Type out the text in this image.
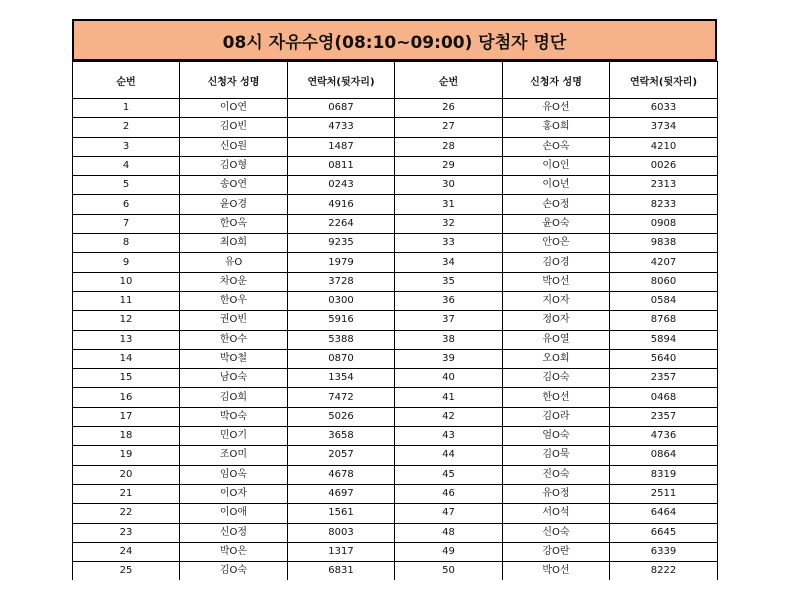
08시 자유수영(08:10~09:00) 당첨자 명단
순번	신청자 성명	연락처(뒷자리)	순번	신청자 성명	연락처(뒷자리)
1	이O연	0687	26	유O선	6033
2	김O빈	4733	27	홍O희	3734
3	신O원	1487	28	손O옥	4210
4	김O형	0811	29	이O인	0026
5	송O연	0243	30	이O년	2313
6	윤O경	4916	31	손O정	8233
7	한O옥	2264	32	윤O숙	0908
8	최O희	9235	33	안O은	9838
9	유O	1979	34	김O경	4207
10	차O운	3728	35	박O선	8060
11	한O우	0300	36	지O자	0584
12	권O빈	5916	37	정O자	8768
13	한O수	5388	38	유O열	5894
14	박O철	0870	39	오O회	5640
15	남O숙	1354	40	김O숙	2357
16	김O희	7472	41	한O선	0468
17	박O숙	5026	42	김O라	2357
18	민O기	3658	43	엄O숙	4736
19	조O미	2057	44	김O묵	0864
20	임O옥	4678	45	진O숙	8319
21	이O자	4697	46	유O정	2511
22	이O애	1561	47	서O석	6464
23	신O정	8003	48	신O숙	6645
24	박O은	1317	49	강O란	6339
25	김O숙	6831	50	박O선	8222
